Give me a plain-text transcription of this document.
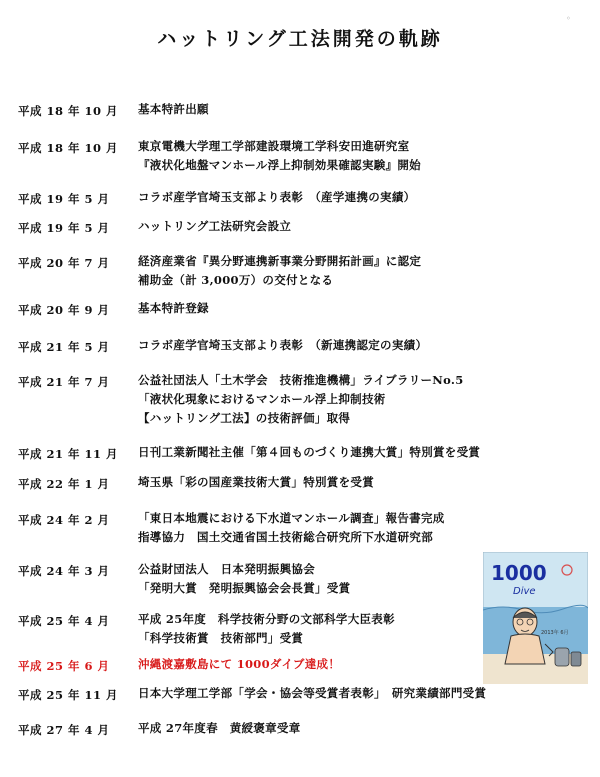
ハットリング工法開発の軌跡
◦
平成 18 年 10 月	基本特許出願
平成 18 年 10 月	東京電機大学理工学部建設環境工学科安田進研究室
『液状化地盤マンホール浮上抑制効果確認実験』開始
平成 19 年 5 月	コラボ産学官埼玉支部より表彰　（産学連携の実績）
平成 19 年 5 月	ハットリング工法研究会設立
平成 20 年 7 月	経済産業省『異分野連携新事業分野開拓計画』に認定
補助金（計 3,000万）の交付となる
平成 20 年 9 月	基本特許登録
平成 21 年 5 月	コラボ産学官埼玉支部より表彰　（新連携認定の実績）
平成 21 年 7 月	公益社団法人「土木学会　技術推進機構」ライブラリーNo.5
「液状化現象におけるマンホール浮上抑制技術
【ハットリング工法】の技術評価」取得
平成 21 年 11 月	日刊工業新聞社主催「第４回ものづくり連携大賞」特別賞を受賞
平成 22 年 1 月	埼玉県「彩の国産業技術大賞」特別賞を受賞
平成 24 年 2 月	「東日本地震における下水道マンホール調査」報告書完成
指導協力　国土交通省国土技術総合研究所下水道研究部
平成 24 年 3 月	公益財団法人　日本発明振興協会
「発明大賞　発明振興協会会長賞」受賞
平成 25 年 4 月	平成 25年度　科学技術分野の文部科学大臣表彰
「科学技術賞　技術部門」受賞
平成 25 年 6 月	沖縄渡嘉敷島にて 1000ダイブ達成！
平成 25 年 11 月	日本大学理工学部「学会・協会等受賞者表彰」　研究業績部門受賞
平成 27 年 4 月	平成 27年度春　黄綬褒章受章
1000
Dive
2013年 6月
